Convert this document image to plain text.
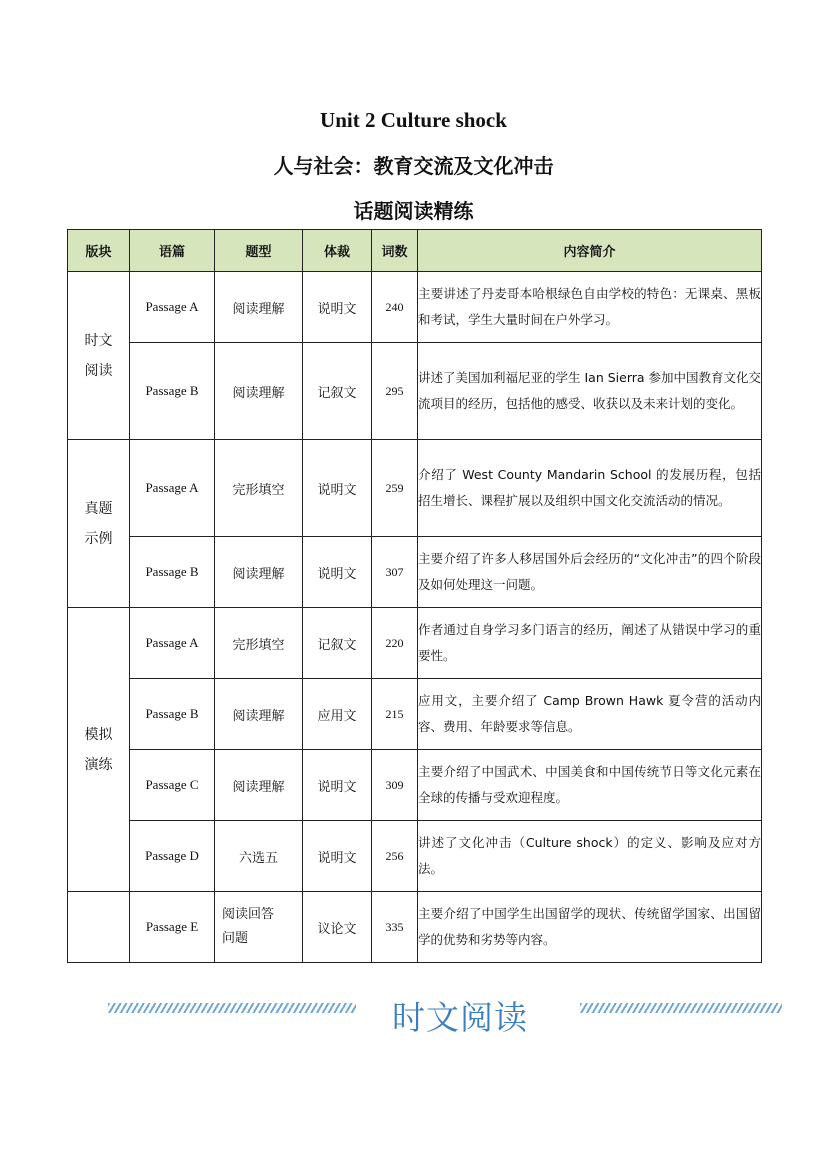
Unit 2 Culture shock
人与社会：教育交流及文化冲击
话题阅读精练
版块	语篇	题型	体裁	词数	内容简介

时文
阅读	Passage A	阅读理解	说明文	240	主要讲述了丹麦哥本哈根绿色自由学校的特色：无课桌、黑板和考试，学生大量时间在户外学习。
	Passage B	阅读理解	记叙文	295	讲述了美国加利福尼亚的学生 Ian Sierra 参加中国教育文化交流项目的经历，包括他的感受、收获以及未来计划的变化。

真题
示例	Passage A	完形填空	说明文	259	介绍了 West County Mandarin School 的发展历程，包括招生增长、课程扩展以及组织中国文化交流活动的情况。
	Passage B	阅读理解	说明文	307	主要介绍了许多人移居国外后会经历的“文化冲击”的四个阶段及如何处理这一问题。

模拟
演练	Passage A	完形填空	记叙文	220	作者通过自身学习多门语言的经历，阐述了从错误中学习的重要性。
	Passage B	阅读理解	应用文	215	应用文，主要介绍了 Camp Brown Hawk 夏令营的活动内容、费用、年龄要求等信息。
	Passage C	阅读理解	说明文	309	主要介绍了中国武术、中国美食和中国传统节日等文化元素在全球的传播与受欢迎程度。
	Passage D	六选五	说明文	256	讲述了文化冲击（Culture shock）的定义、影响及应对方法。
	Passage E	阅读回答问题	议论文	335	主要介绍了中国学生出国留学的现状、传统留学国家、出国留学的优势和劣势等内容。
时文阅读
